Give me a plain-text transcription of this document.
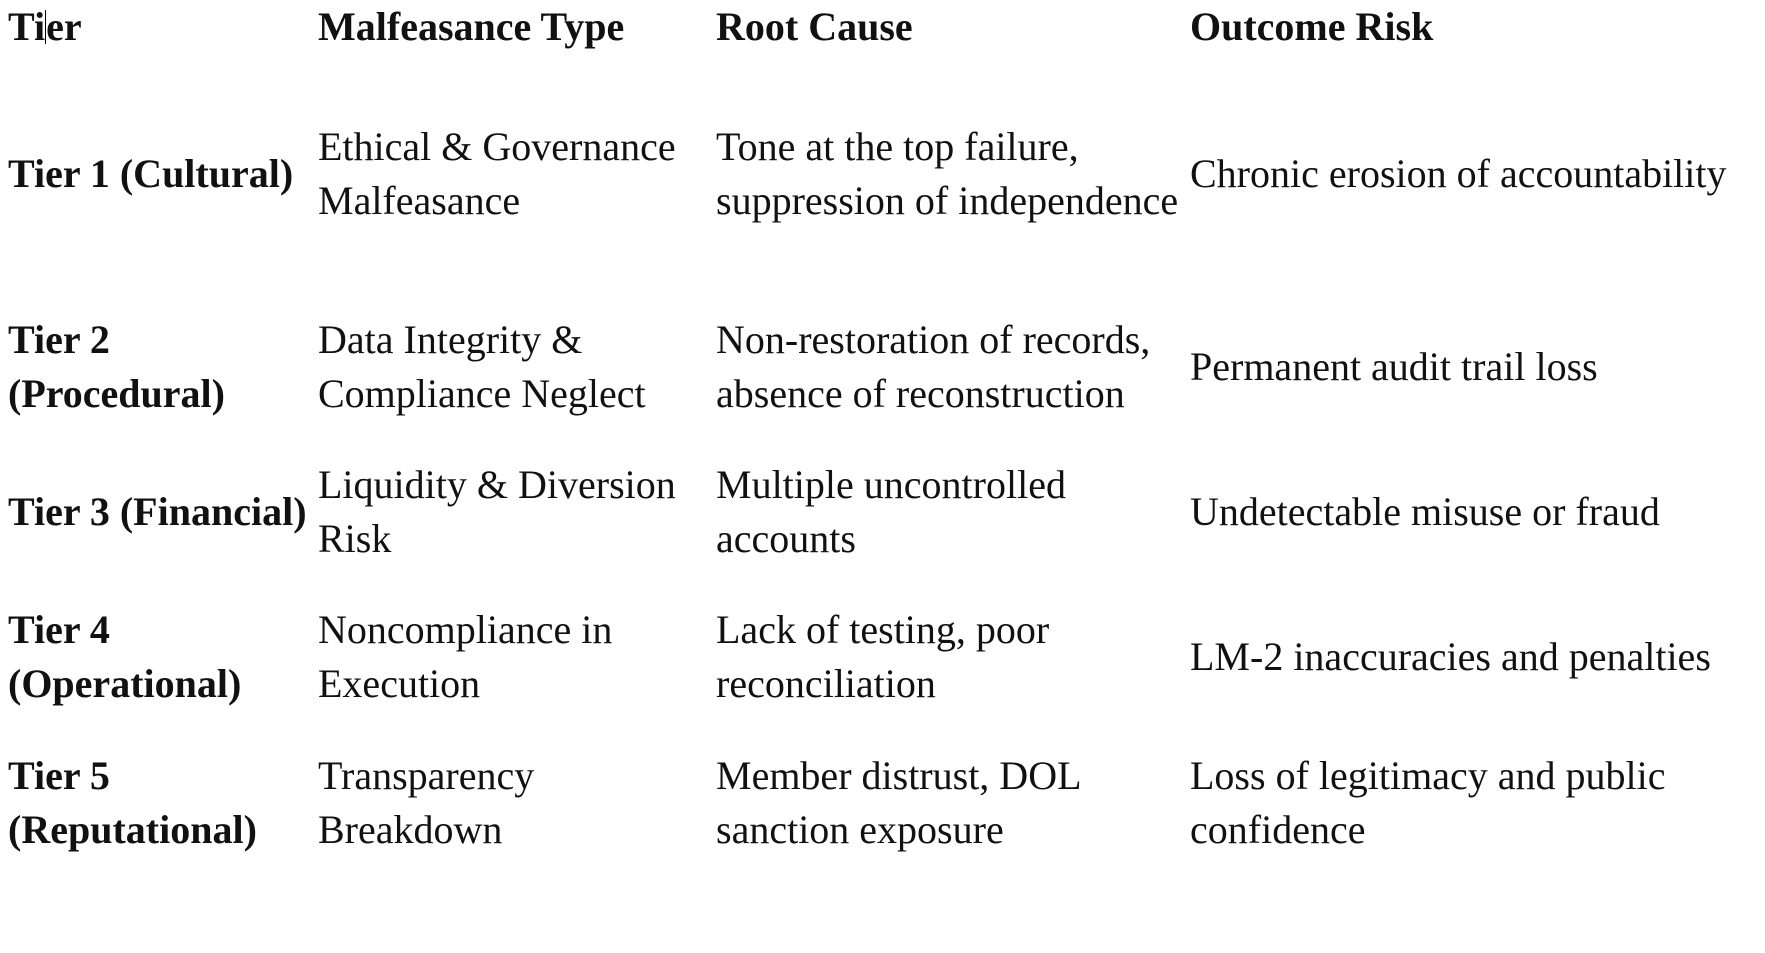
Tier	Malfeasance Type	Root Cause	Outcome Risk
Tier 1 (Cultural)	Ethical & Governance Malfeasance	Tone at the top failure, suppression of independence	Chronic erosion of accountability
Tier 2 (Procedural)	Data Integrity & Compliance Neglect	Non-restoration of records, absence of reconstruction	Permanent audit trail loss
Tier 3 (Financial)	Liquidity & Diversion Risk	Multiple uncontrolled accounts	Undetectable misuse or fraud
Tier 4 (Operational)	Noncompliance in Execution	Lack of testing, poor reconciliation	LM-2 inaccuracies and penalties
Tier 5 (Reputational)	Transparency Breakdown	Member distrust, DOL sanction exposure	Loss of legitimacy and public confidence
